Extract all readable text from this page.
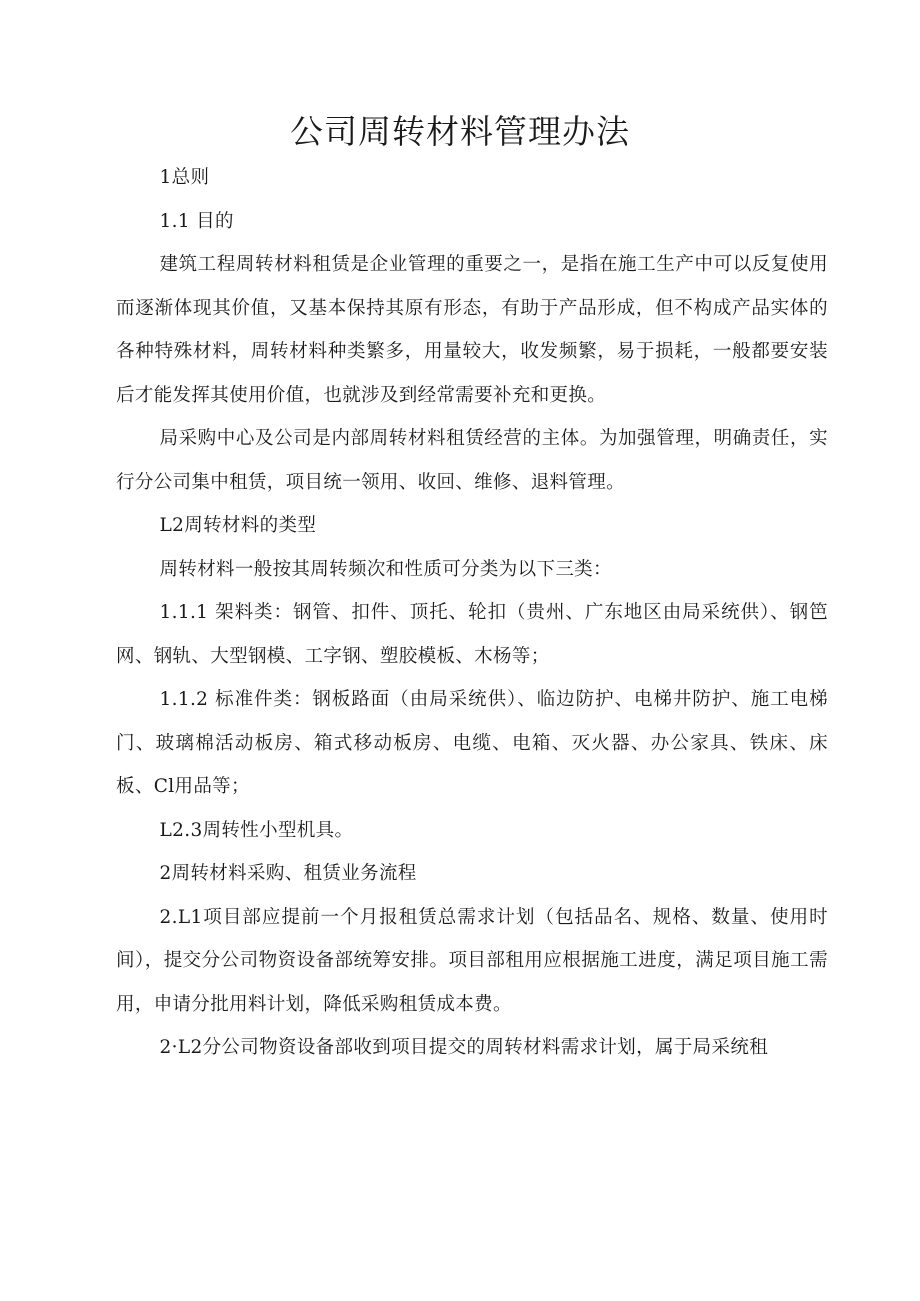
公司周转材料管理办法

1总则

1.1 目的

建筑工程周转材料租赁是企业管理的重要之一，是指在施工生产中可以反复使用而逐渐体现其价值，又基本保持其原有形态，有助于产品形成，但不构成产品实体的各种特殊材料，周转材料种类繁多，用量较大，收发频繁，易于损耗，一般都要安装后才能发挥其使用价值，也就涉及到经常需要补充和更换。

局采购中心及公司是内部周转材料租赁经营的主体。为加强管理，明确责任，实行分公司集中租赁，项目统一领用、收回、维修、退料管理。

L2周转材料的类型

周转材料一般按其周转频次和性质可分类为以下三类：

1.1.1 架料类：钢管、扣件、顶托、轮扣（贵州、广东地区由局采统供）、钢笆网、钢轨、大型钢模、工字钢、塑胶模板、木杨等；

1.1.2 标准件类：钢板路面（由局采统供）、临边防护、电梯井防护、施工电梯门、玻璃棉活动板房、箱式移动板房、电缆、电箱、灭火器、办公家具、铁床、床板、Cl用品等；

L2.3周转性小型机具。

2周转材料采购、租赁业务流程

2.L1项目部应提前一个月报租赁总需求计划（包括品名、规格、数量、使用时间），提交分公司物资设备部统筹安排。项目部租用应根据施工进度，满足项目施工需用，申请分批用料计划，降低采购租赁成本费。

2·L2分公司物资设备部收到项目提交的周转材料需求计划，属于局采统租
